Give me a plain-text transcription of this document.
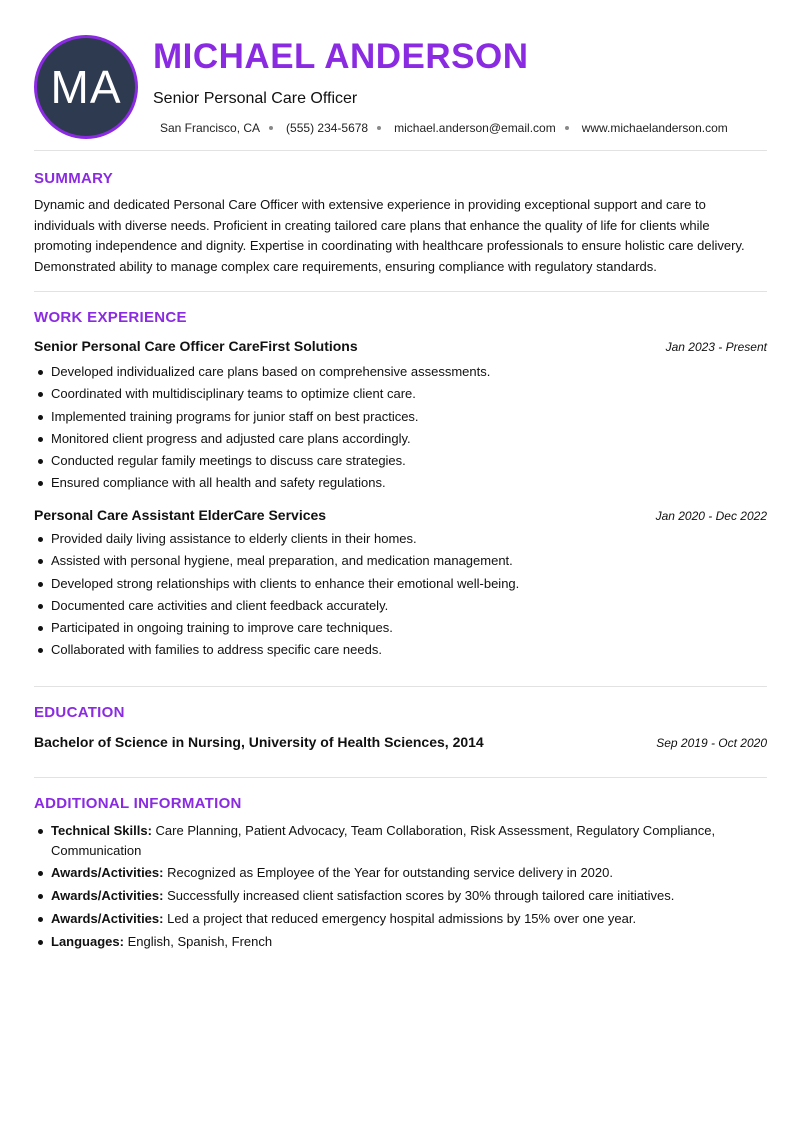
MA
MICHAEL ANDERSON
Senior Personal Care Officer
San Francisco, CA (555) 234-5678 michael.anderson@email.com www.michaelanderson.com
SUMMARY

Dynamic and dedicated Personal Care Officer with extensive experience in providing exceptional support and care to individuals with diverse needs. Proficient in creating tailored care plans that enhance the quality of life for clients while promoting independence and dignity. Expertise in coordinating with healthcare professionals to ensure holistic care delivery. Demonstrated ability to manage complex care requirements, ensuring compliance with regulatory standards.

WORK EXPERIENCE
Senior Personal Care Officer CareFirst Solutions	Jan 2023 - Present
Developed individualized care plans based on comprehensive assessments.
Coordinated with multidisciplinary teams to optimize client care.
Implemented training programs for junior staff on best practices.
Monitored client progress and adjusted care plans accordingly.
Conducted regular family meetings to discuss care strategies.
Ensured compliance with all health and safety regulations.
Personal Care Assistant ElderCare Services	Jan 2020 - Dec 2022
Provided daily living assistance to elderly clients in their homes.
Assisted with personal hygiene, meal preparation, and medication management.
Developed strong relationships with clients to enhance their emotional well-being.
Documented care activities and client feedback accurately.
Participated in ongoing training to improve care techniques.
Collaborated with families to address specific care needs.
EDUCATION
Bachelor of Science in Nursing, University of Health Sciences, 2014	Sep 2019 - Oct 2020
ADDITIONAL INFORMATION
Technical Skills: Care Planning, Patient Advocacy, Team Collaboration, Risk Assessment, Regulatory Compliance, Communication
Awards/Activities: Recognized as Employee of the Year for outstanding service delivery in 2020.
Awards/Activities: Successfully increased client satisfaction scores by 30% through tailored care initiatives.
Awards/Activities: Led a project that reduced emergency hospital admissions by 15% over one year.
Languages: English, Spanish, French
